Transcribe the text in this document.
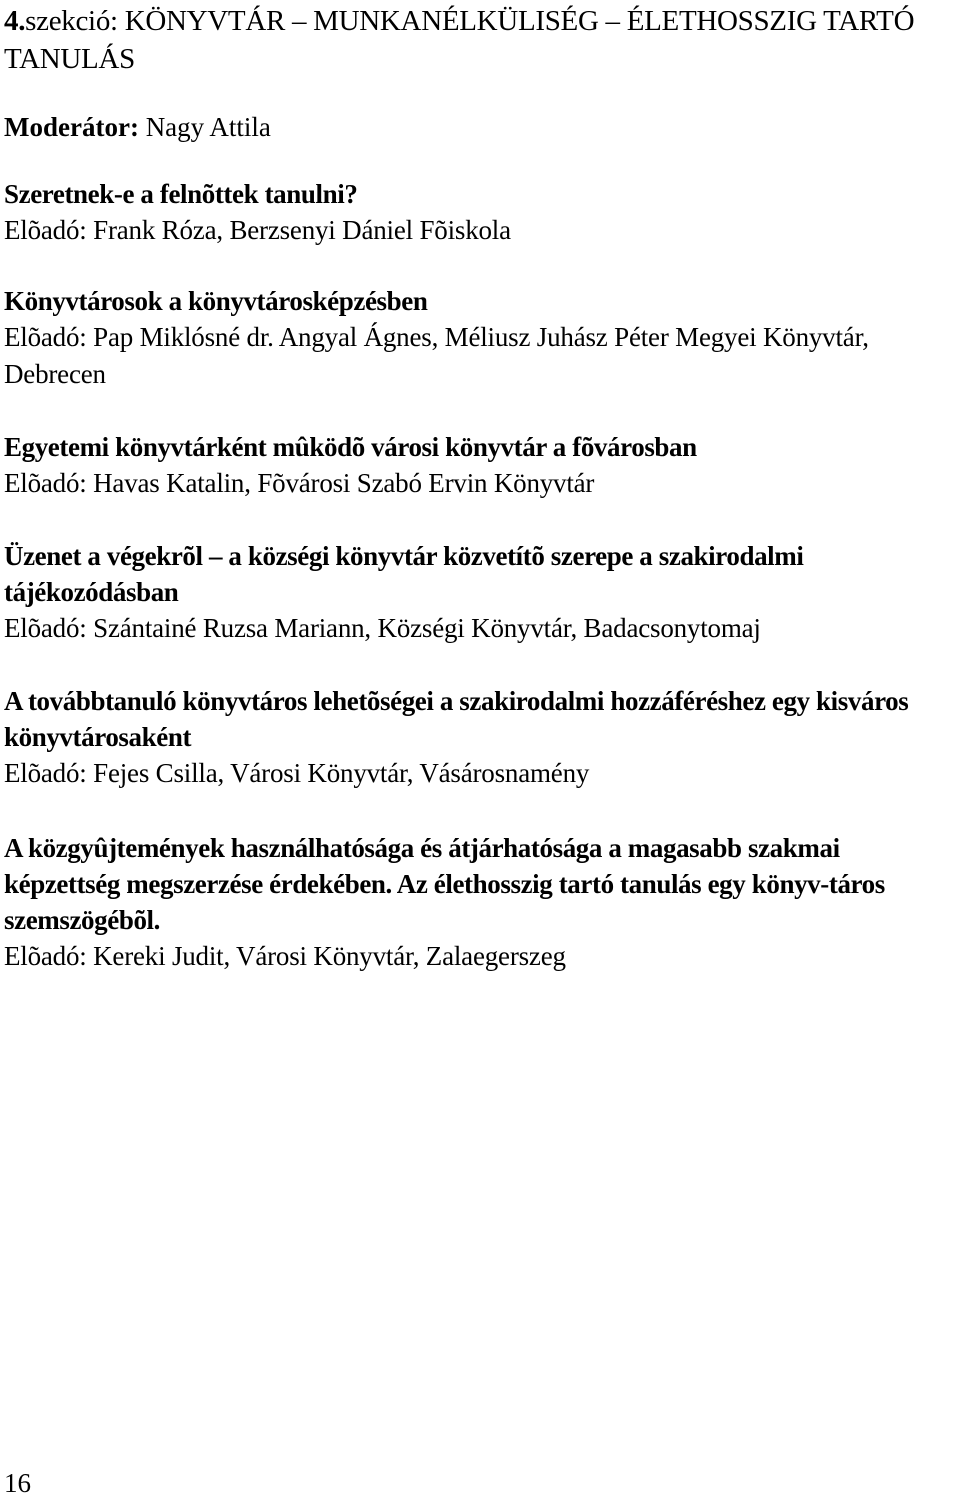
4.szekció: KÖNYVTÁR – MUNKANÉLKÜLISÉG – ÉLETHOSSZIG TARTÓ TANULÁS

Moderátor: Nagy Attila

Szeretnek-e a felnõttek tanulni?

Elõadó: Frank Róza, Berzsenyi Dániel Fõiskola

Könyvtárosok a könyvtárosképzésben

Elõadó: Pap Miklósné dr. Angyal Ágnes, Méliusz Juhász Péter Megyei Könyvtár, Debrecen

Egyetemi könyvtárként mûködõ városi könyvtár a fõvárosban

Elõadó: Havas Katalin, Fõvárosi Szabó Ervin Könyvtár

Üzenet a végekrõl – a községi könyvtár közvetítõ szerepe a szakirodalmi tájékozódásban

Elõadó: Szántainé Ruzsa Mariann, Községi Könyvtár, Badacsonytomaj

A továbbtanuló könyvtáros lehetõségei a szakirodalmi hozzáféréshez egy kisváros könyvtárosaként

Elõadó: Fejes Csilla, Városi Könyvtár, Vásárosnamény

A közgyûjtemények használhatósága és átjárhatósága a magasabb szakmai képzettség megszerzése érdekében. Az élethosszig tartó tanulás egy könyv-táros szemszögébõl.

Elõadó: Kereki Judit, Városi Könyvtár, Zalaegerszeg

16
